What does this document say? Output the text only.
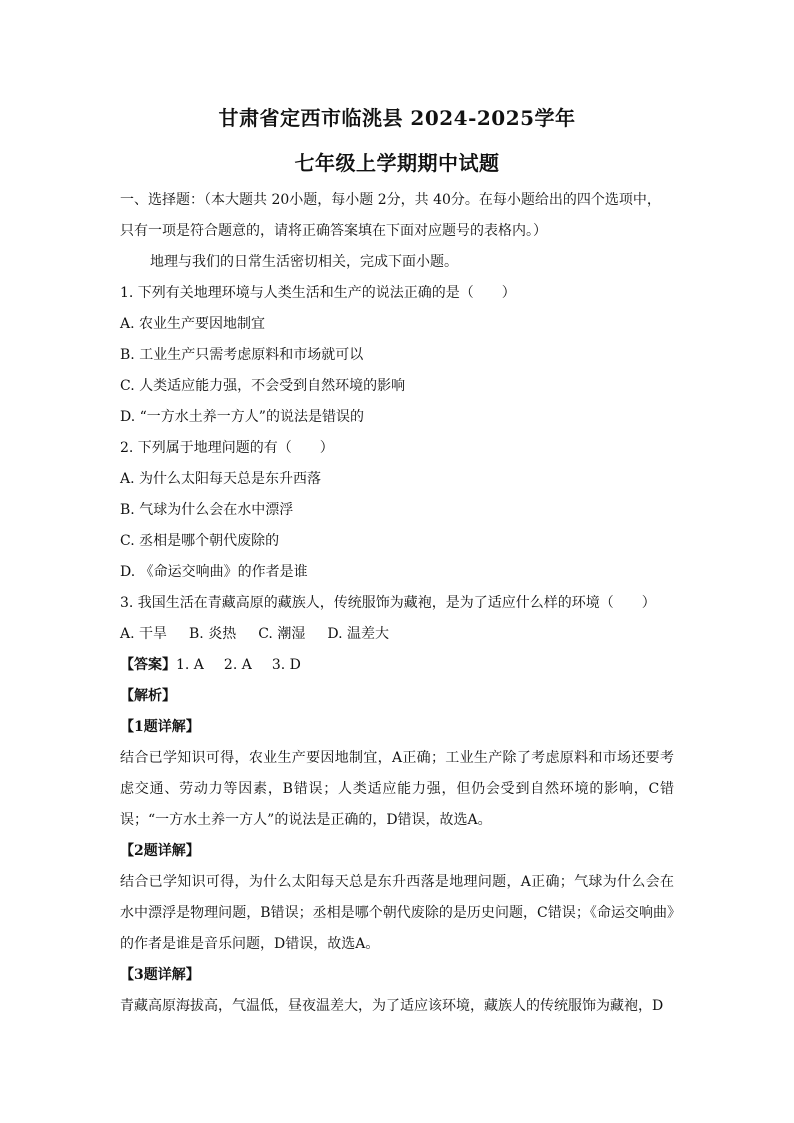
甘肃省定西市临洮县 2024-2025学年
七年级上学期期中试题

一、选择题：（本大题共 20小题，每小题 2分，共 40分。在每小题给出的四个选项中，

只有一项是符合题意的，请将正确答案填在下面对应题号的表格内。）

地理与我们的日常生活密切相关，完成下面小题。

1. 下列有关地理环境与人类生活和生产的说法正确的是（　　）

A. 农业生产要因地制宜

B. 工业生产只需考虑原料和市场就可以

C. 人类适应能力强，不会受到自然环境的影响

D. “一方水土养一方人”的说法是错误的

2. 下列属于地理问题的有（　　）

A. 为什么太阳每天总是东升西落

B. 气球为什么会在水中漂浮

C. 丞相是哪个朝代废除的

D. 《命运交响曲》的作者是谁

3. 我国生活在青藏高原的藏族人，传统服饰为藏袍，是为了适应什么样的环境（　　）

A. 干旱 B. 炎热 C. 潮湿 D. 温差大

【答案】1. A 2. A 3. D

【解析】

【1题详解】

结合已学知识可得，农业生产要因地制宜，A正确；工业生产除了考虑原料和市场还要考虑交通、劳动力等因素，B错误；人类适应能力强，但仍会受到自然环境的影响，C错误；“一方水土养一方人”的说法是正确的，D错误，故选A。

【2题详解】

结合已学知识可得，为什么太阳每天总是东升西落是地理问题，A正确；气球为什么会在水中漂浮是物理问题，B错误；丞相是哪个朝代废除的是历史问题，C错误；《命运交响曲》的作者是谁是音乐问题，D错误，故选A。

【3题详解】

青藏高原海拔高，气温低，昼夜温差大，为了适应该环境，藏族人的传统服饰为藏袍，D
